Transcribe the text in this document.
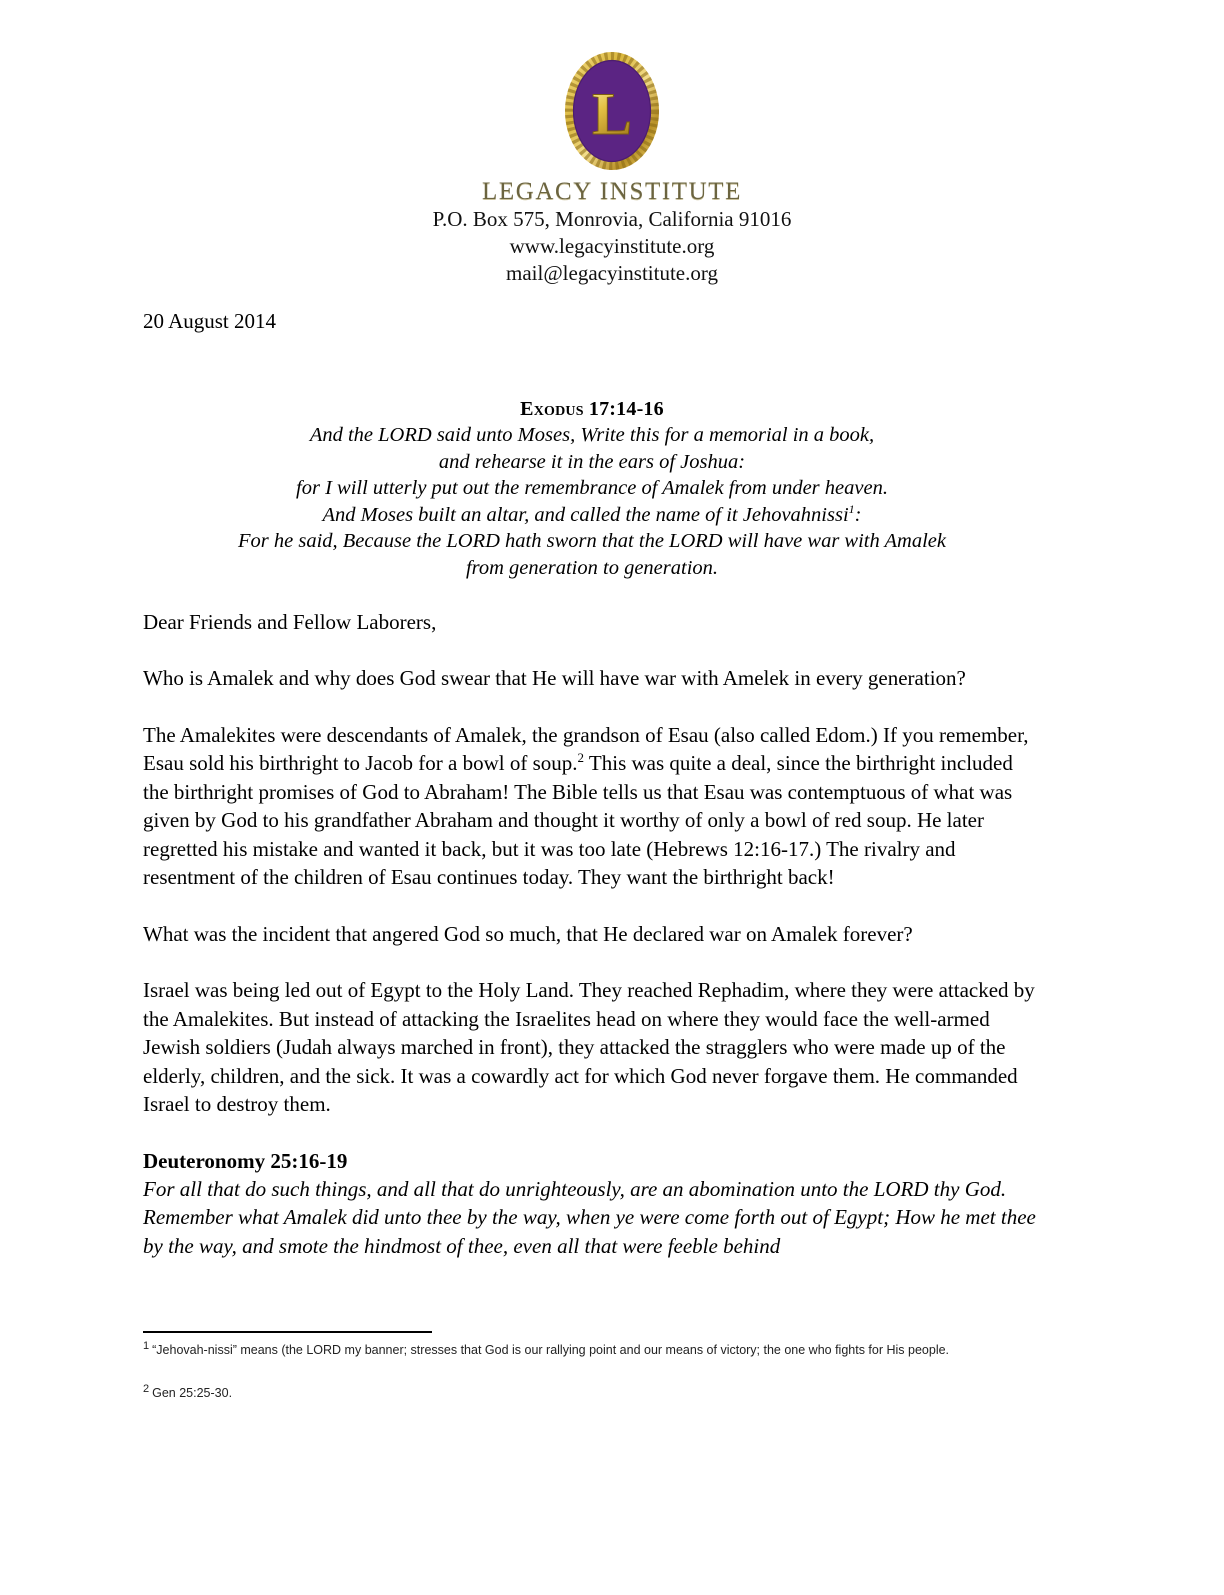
L
LEGACY INSTITUTE
P.O. Box 575, Monrovia, California 91016
www.legacyinstitute.org
mail@legacyinstitute.org
20 August 2014
Exodus 17:14-16
And the LORD said unto Moses, Write this for a memorial in a book,
and rehearse it in the ears of Joshua:
for I will utterly put out the remembrance of Amalek from under heaven.
And Moses built an altar, and called the name of it Jehovahnissi$^1$:
For he said, Because the LORD hath sworn that the LORD will have war with Amalek
from generation to generation.
Dear Friends and Fellow Laborers,

Who is Amalek and why does God swear that He will have war with Amelek in every generation?

The Amalekites were descendants of Amalek, the grandson of Esau (also called Edom.) If you remember, Esau sold his birthright to Jacob for a bowl of soup.$^2$ This was quite a deal, since the birthright included the birthright promises of God to Abraham! The Bible tells us that Esau was contemptuous of what was given by God to his grandfather Abraham and thought it worthy of only a bowl of red soup. He later regretted his mistake and wanted it back, but it was too late (Hebrews 12:16-17.) The rivalry and resentment of the children of Esau continues today. They want the birthright back!

What was the incident that angered God so much, that He declared war on Amalek forever?

Israel was being led out of Egypt to the Holy Land. They reached Rephadim, where they were attacked by the Amalekites. But instead of attacking the Israelites head on where they would face the well-armed Jewish soldiers (Judah always marched in front), they attacked the stragglers who were made up of the elderly, children, and the sick. It was a cowardly act for which God never forgave them. He commanded Israel to destroy them.

Deuteronomy 25:16-19

For all that do such things, and all that do unrighteously, are an abomination unto the LORD thy God. Remember what Amalek did unto thee by the way, when ye were come forth out of Egypt; How he met thee by the way, and smote the hindmost of thee, even all that were feeble behind

$^1$ “Jehovah-nissi” means (the LORD my banner; stresses that God is our rallying point and our means of victory; the one who fights for His people.

$^2$ Gen 25:25-30.
